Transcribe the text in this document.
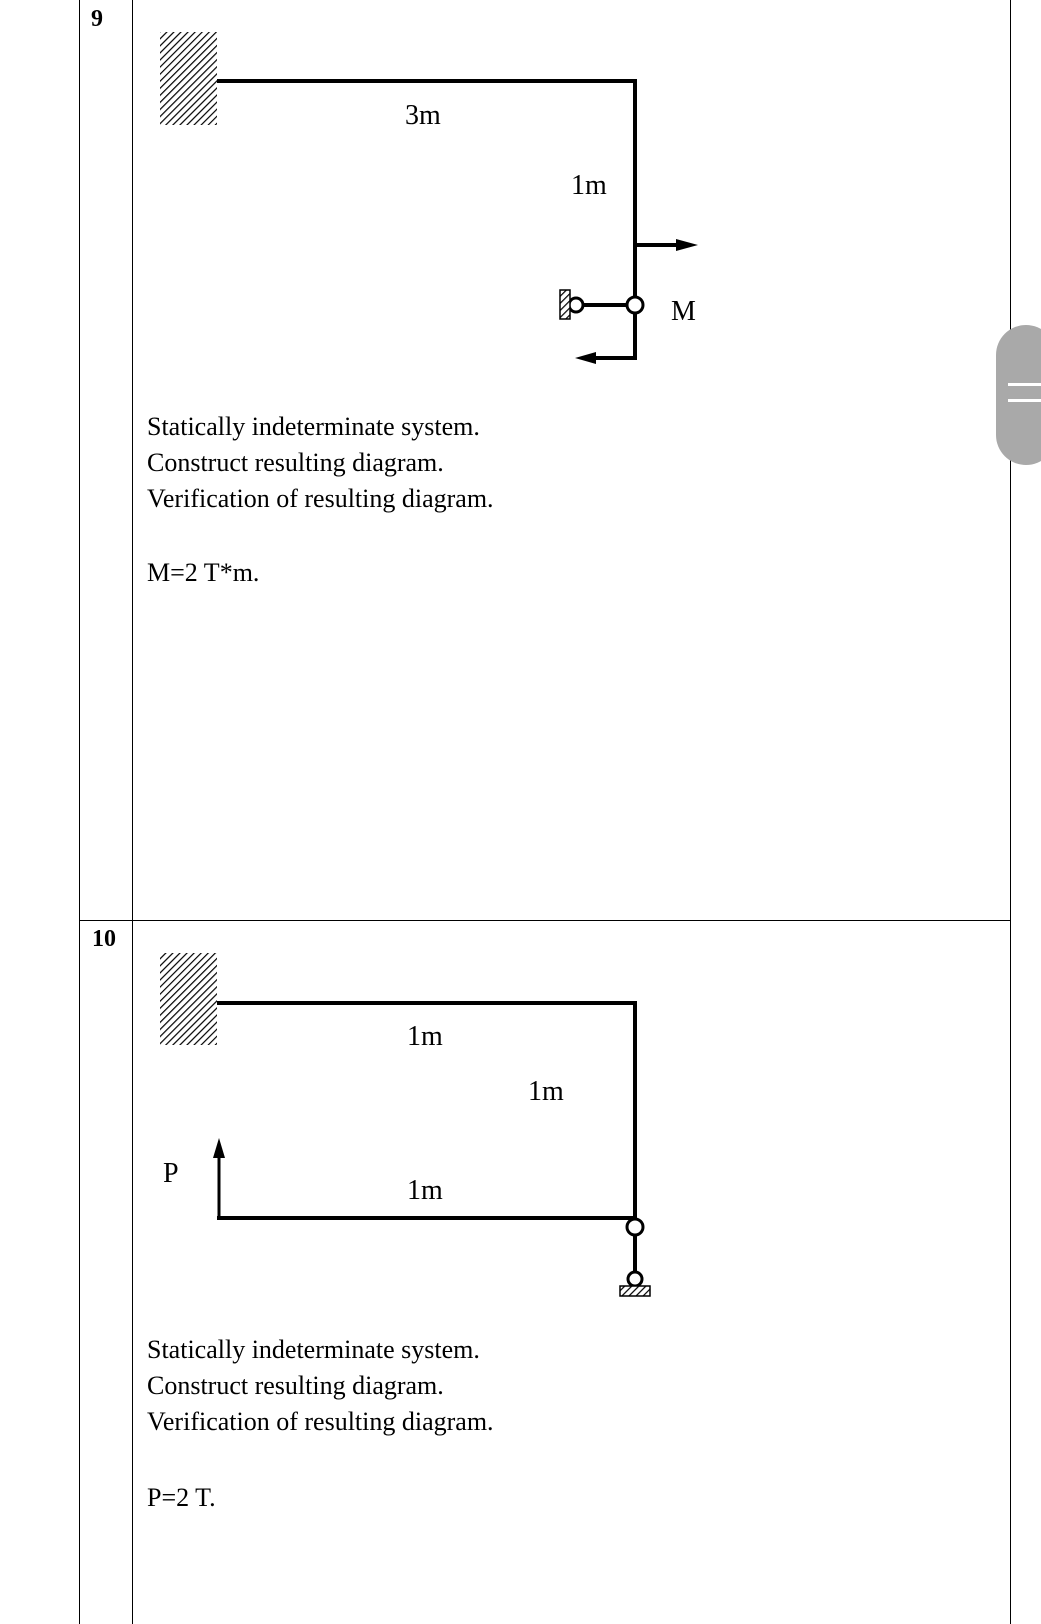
9
3m
1m
M
Statically indeterminate system.
Construct resulting diagram.
Verification of resulting diagram.
M=2 T*m.
10
1m
1m
P
1m
Statically indeterminate system.
Construct resulting diagram.
Verification of resulting diagram.
P=2 T.
